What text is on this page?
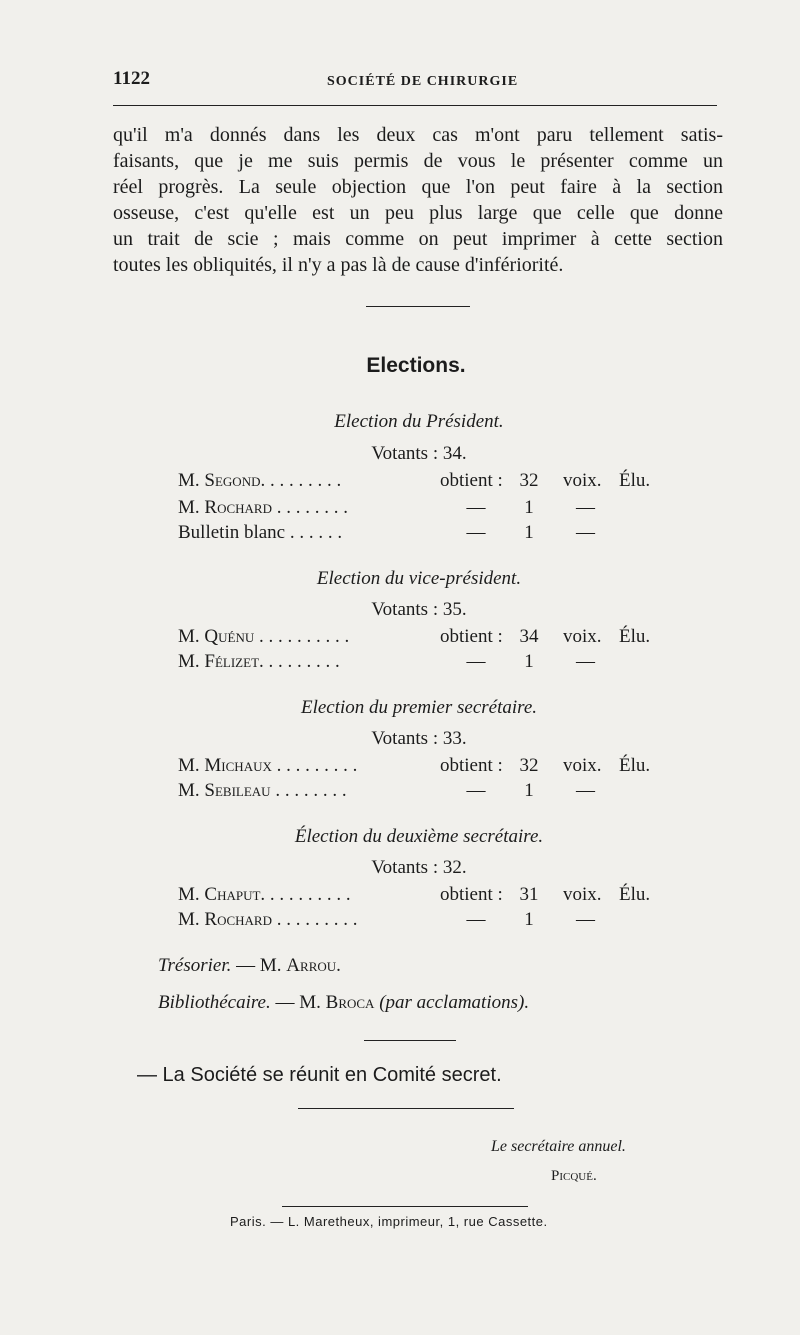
1122	SOCIÉTÉ DE CHIRURGIE
qu'il m'a donnés dans les deux cas m'ont paru tellement satis-
faisants, que je me suis permis de vous le présenter comme un
réel progrès. La seule objection que l'on peut faire à la section
osseuse, c'est qu'elle est un peu plus large que celle que donne
un trait de scie ; mais comme on peut imprimer à cette section
toutes les obliquités, il n'y a pas là de cause d'infériorité.
Elections.
Election du Président.
Votants : 34.
M. Segond. . . . . . . . .	obtient : 32	voix. Élu.
M. Rochard . . . . . . . .	—	1	—
Bulletin blanc . . . . . .	—	1	—
Election du vice-président.
Votants : 35.
M. Quénu . . . . . . . . . .	obtient : 34	voix. Élu.
M. Félizet. . . . . . . . .	—	1	—
Election du premier secrétaire.
Votants : 33.
M. Michaux . . . . . . . . .	obtient : 32	voix. Élu.
M. Sebileau . . . . . . . .	—	1	—
Élection du deuxième secrétaire.
Votants : 32.
M. Chaput. . . . . . . . . .	obtient : 31	voix. Élu.
M. Rochard . . . . . . . . .	—	1	—
Trésorier. — M. Arrou.
Bibliothécaire. — M. Broca (par acclamations).
— La Société se réunit en Comité secret.
Le secrétaire annuel.
Picqué.
Paris. — L. Maretheux, imprimeur, 1, rue Cassette.
